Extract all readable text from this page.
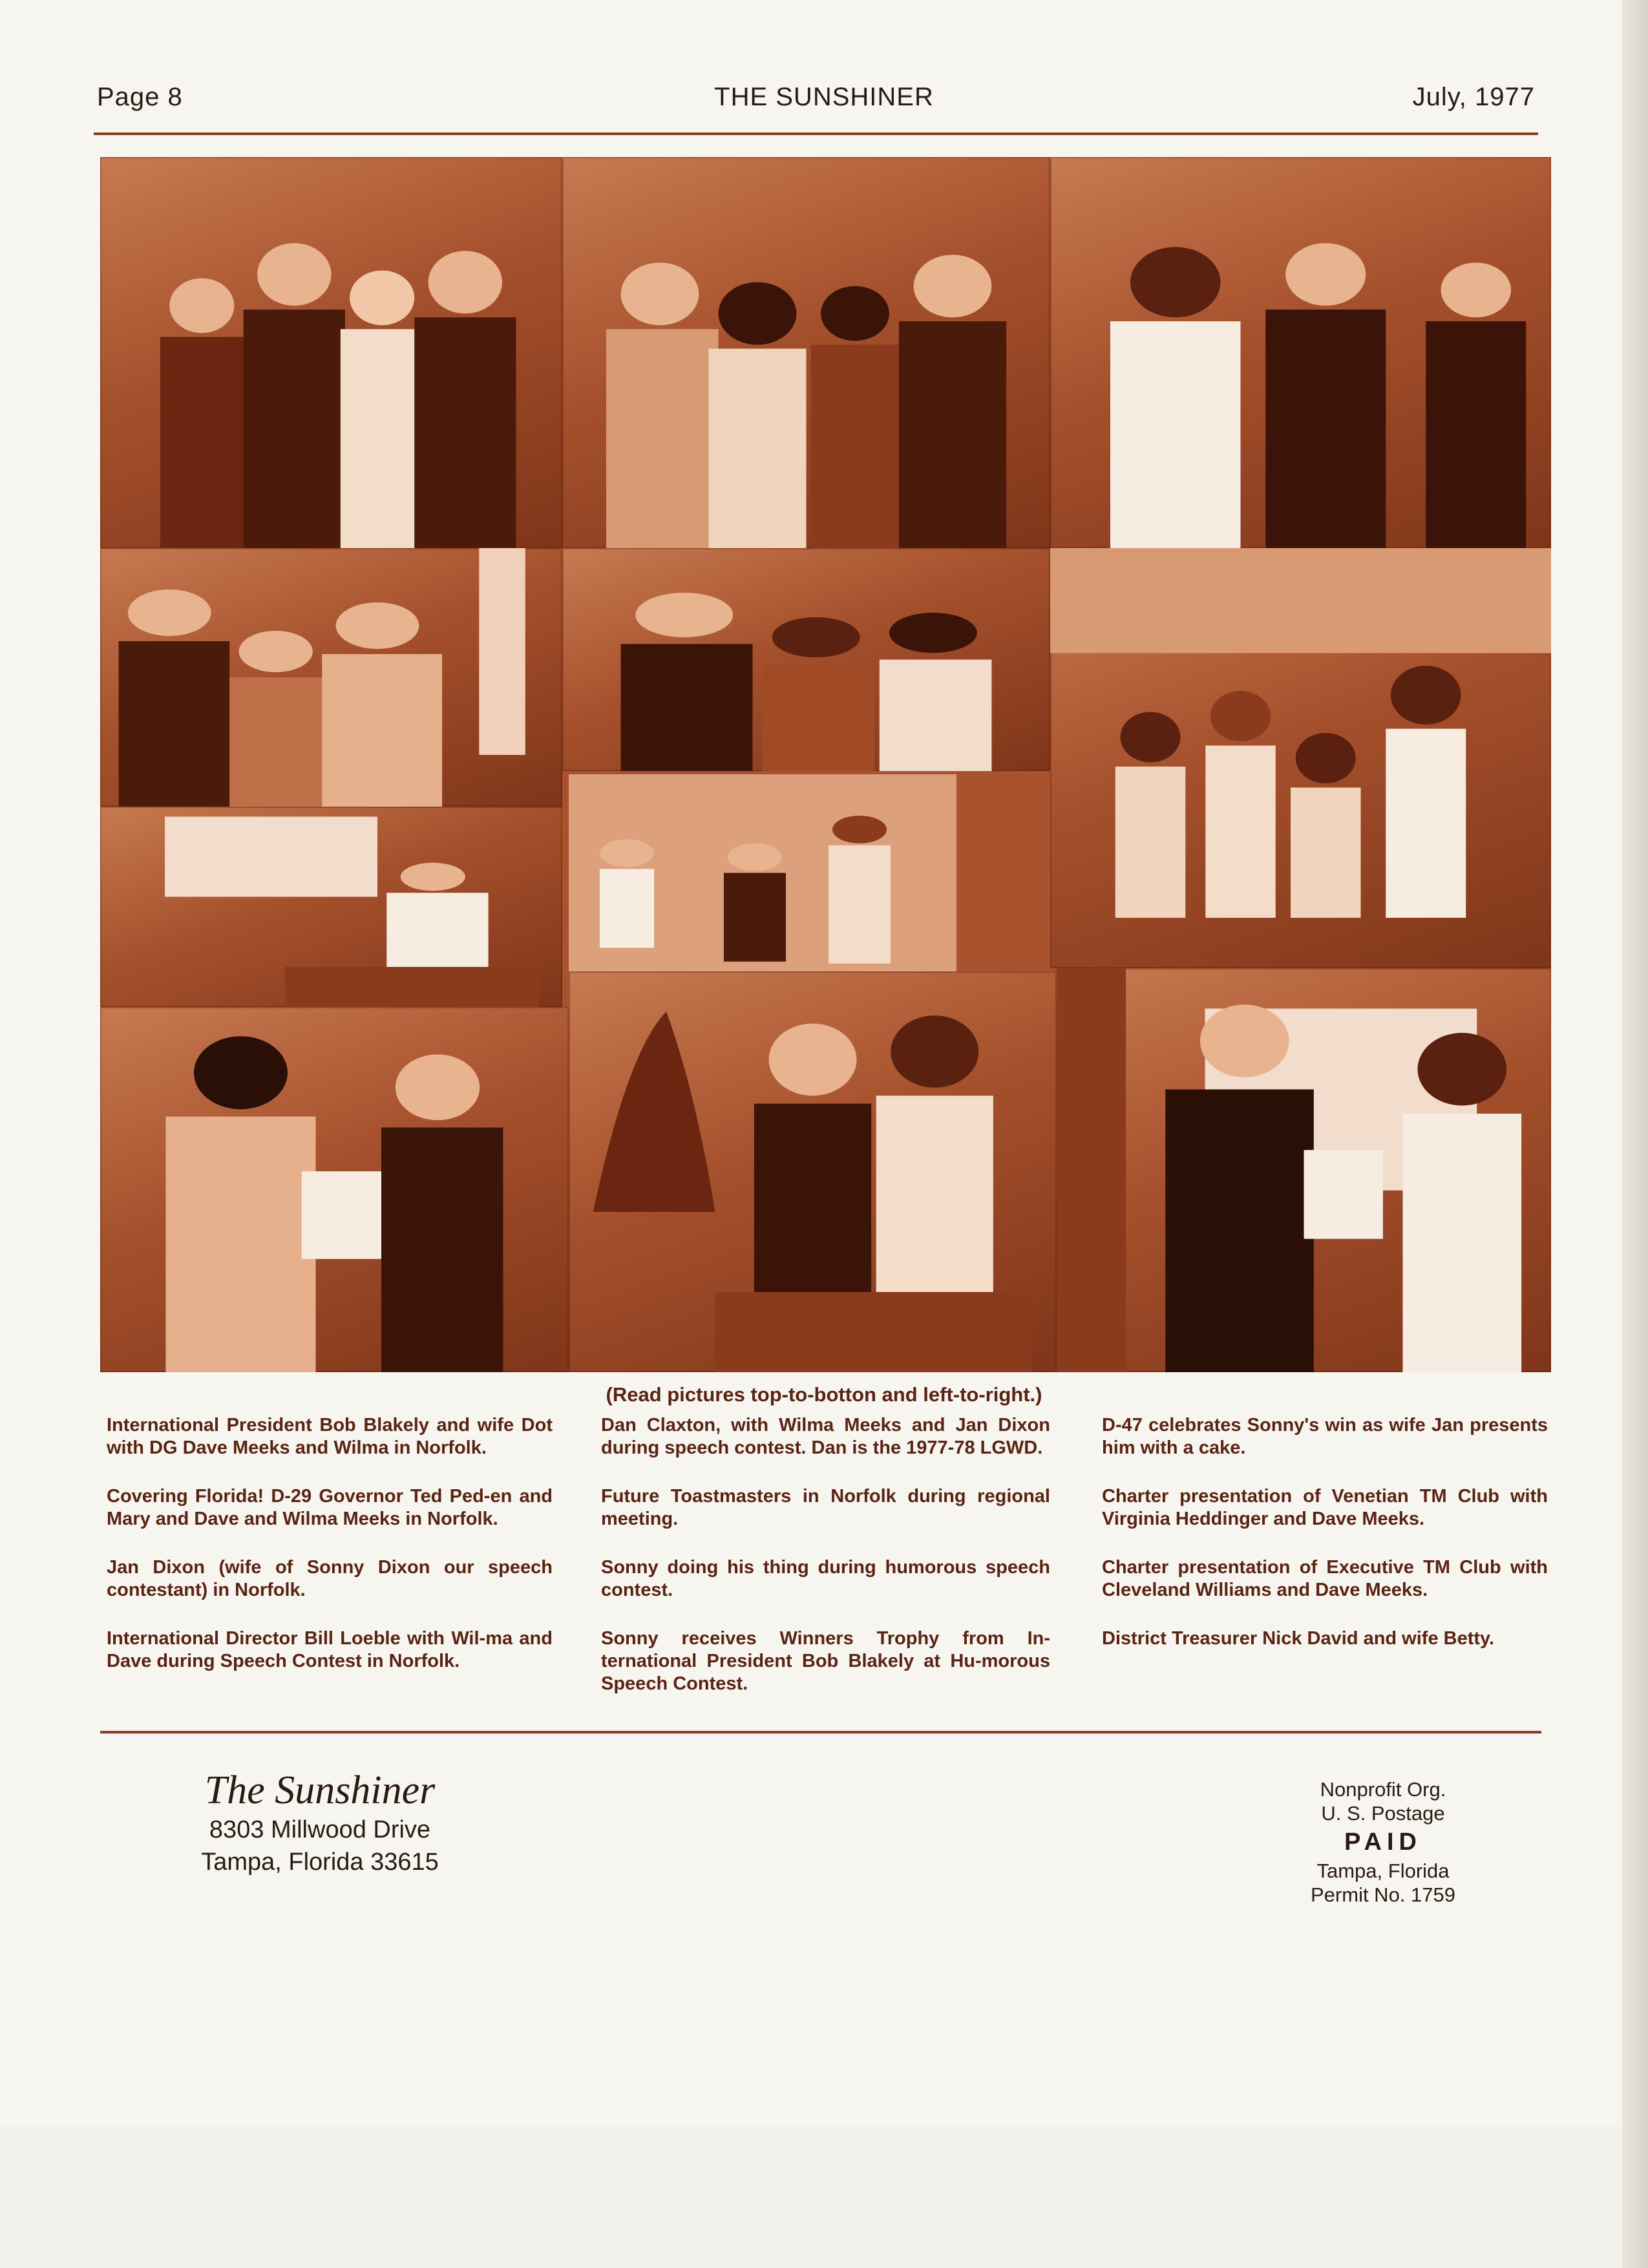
Page 8	THE SUNSHINER	July, 1977
(Read pictures top-to-botton and left-to-right.)

International President Bob Blakely and wife Dot with DG Dave Meeks and Wilma in Norfolk.

Covering Florida! D-29 Governor Ted Ped-en and Mary and Dave and Wilma Meeks in Norfolk.

Jan Dixon (wife of Sonny Dixon our speech contestant) in Norfolk.

International Director Bill Loeble with Wil-ma and Dave during Speech Contest in Norfolk.

Dan Claxton, with Wilma Meeks and Jan Dixon during speech contest. Dan is the 1977-78 LGWD.

Future Toastmasters in Norfolk during regional meeting.

Sonny doing his thing during humorous speech contest.

Sonny receives Winners Trophy from In-ternational President Bob Blakely at Hu-morous Speech Contest.

D-47 celebrates Sonny's win as wife Jan presents him with a cake.

Charter presentation of Venetian TM Club with Virginia Heddinger and Dave Meeks.

Charter presentation of Executive TM Club with Cleveland Williams and Dave Meeks.

District Treasurer Nick David and wife Betty.

The Sunshiner
8303 Millwood Drive
Tampa, Florida 33615
Nonprofit Org.
U. S. Postage
PAID
Tampa, Florida
Permit No. 1759
